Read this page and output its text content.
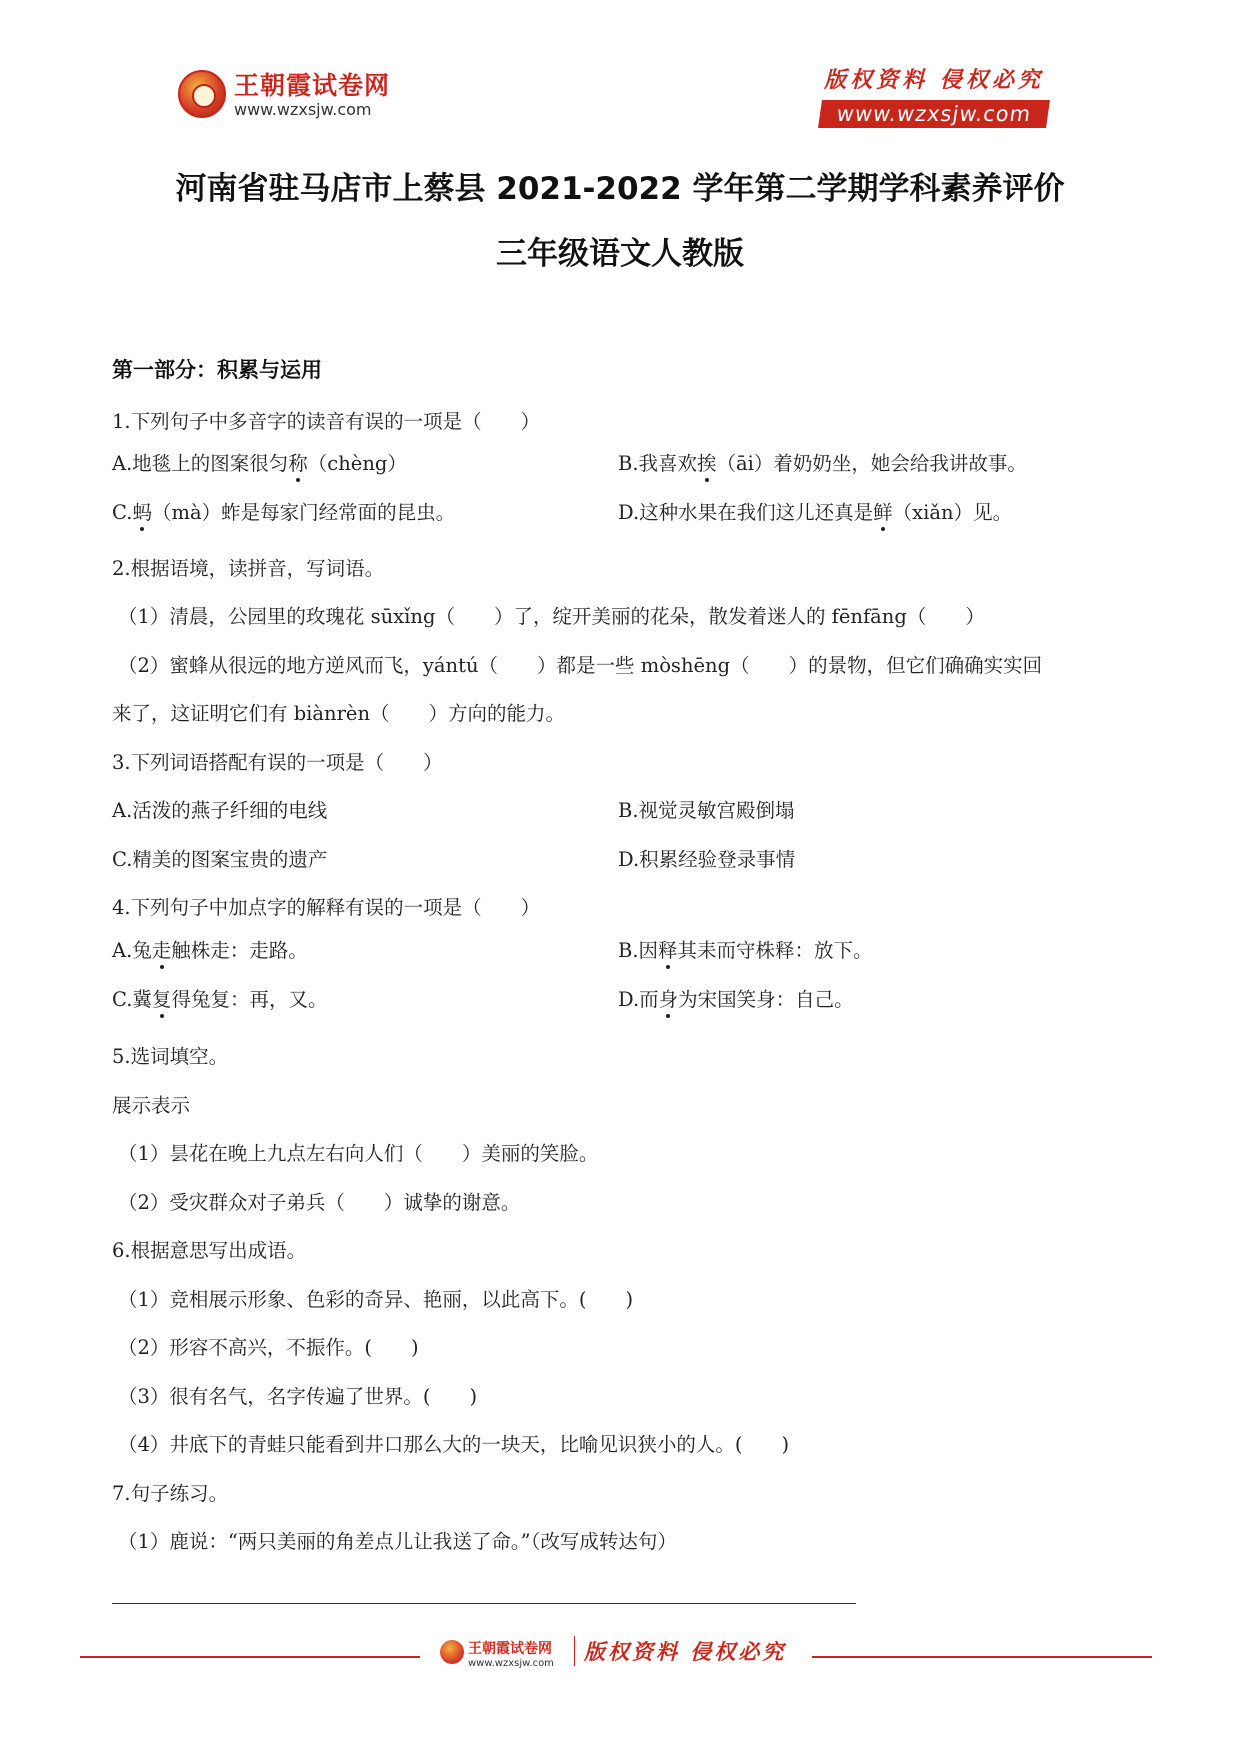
王朝霞试卷网
www.wzxsjw.com
版权资料 侵权必究
www.wzxsjw.com
河南省驻马店市上蔡县 2021-2022 学年第二学期学科素养评价
三年级语文人教版
第一部分：积累与运用
1.下列句子中多音字的读音有误的一项是（　　）
A.地毯上的图案很匀称（chèng）	B.我喜欢挨（āi）着奶奶坐，她会给我讲故事。
C.蚂（mà）蚱是每家门经常面的昆虫。	D.这种水果在我们这儿还真是鲜（xiǎn）见。
2.根据语境，读拼音，写词语。
（1）清晨，公园里的玫瑰花 sūxǐng（　　）了，绽开美丽的花朵，散发着迷人的 fēnfāng（　　）
（2）蜜蜂从很远的地方逆风而飞，yántú（　　）都是一些 mòshēng（　　）的景物，但它们确确实实回
来了，这证明它们有 biànrèn（　　）方向的能力。
3.下列词语搭配有误的一项是（　　）
A.活泼的燕子纤细的电线	B.视觉灵敏宫殿倒塌
C.精美的图案宝贵的遗产	D.积累经验登录事情
4.下列句子中加点字的解释有误的一项是（　　）
A.兔走触株走：走路。	B.因释其耒而守株释：放下。
C.冀复得兔复：再，又。	D.而身为宋国笑身：自己。
5.选词填空。
展示表示
（1）昙花在晚上九点左右向人们（　　）美丽的笑脸。
（2）受灾群众对子弟兵（　　）诚挚的谢意。
6.根据意思写出成语。
（1）竞相展示形象、色彩的奇异、艳丽，以此高下。(　　)
（2）形容不高兴，不振作。(　　)
（3）很有名气，名字传遍了世界。(　　)
（4）井底下的青蛙只能看到井口那么大的一块天，比喻见识狭小的人。(　　)
7.句子练习。
（1）鹿说：“两只美丽的角差点儿让我送了命。”（改写成转达句）
王朝霞试卷网
www.wzxsjw.com 版权资料 侵权必究
